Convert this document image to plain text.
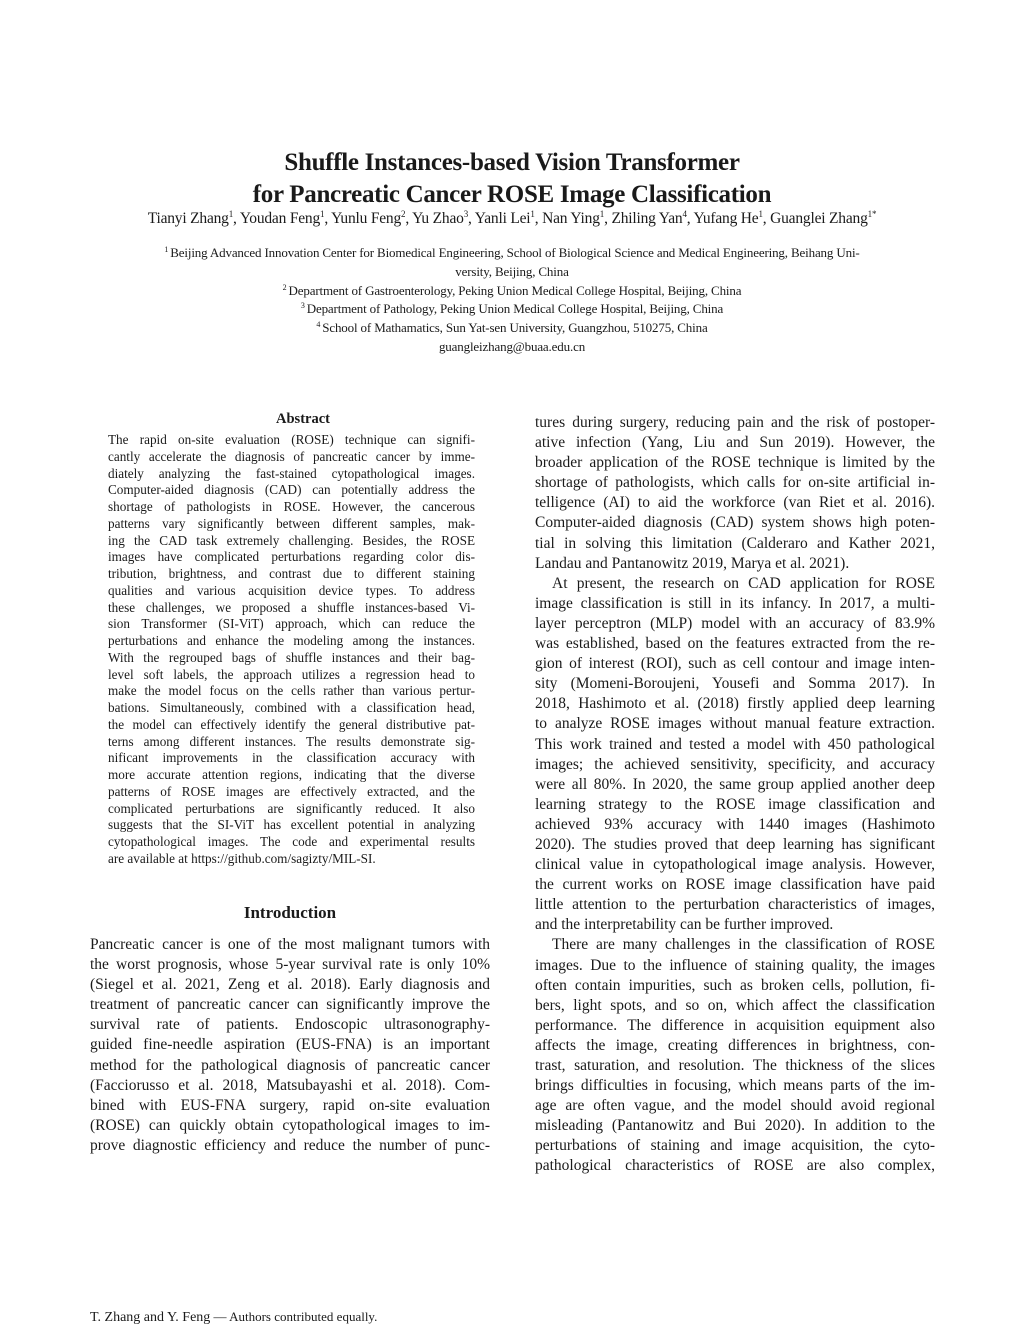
Shuffle Instances-based Vision Transformer
for Pancreatic Cancer ROSE Image Classification
Tianyi Zhang$^1$, Youdan Feng$^1$, Yunlu Feng$^2$, Yu Zhao$^3$, Yanli Lei$^1$, Nan Ying$^1$, Zhiling Yan$^4$, Yufang He$^1$, Guanglei Zhang$^{1*}$
$^1$ Beijing Advanced Innovation Center for Biomedical Engineering, School of Biological Science and Medical Engineering, Beihang Uni-
versity, Beijing, China
$^2$ Department of Gastroenterology, Peking Union Medical College Hospital, Beijing, China
$^3$ Department of Pathology, Peking Union Medical College Hospital, Beijing, China
$^4$ School of Mathamatics, Sun Yat-sen University, Guangzhou, 510275, China
guangleizhang@buaa.edu.cn
Abstract
The rapid on-site evaluation (ROSE) technique can signifi-
cantly accelerate the diagnosis of pancreatic cancer by imme-
diately analyzing the fast-stained cytopathological images.
Computer-aided diagnosis (CAD) can potentially address the
shortage of pathologists in ROSE. However, the cancerous
patterns vary significantly between different samples, mak-
ing the CAD task extremely challenging. Besides, the ROSE
images have complicated perturbations regarding color dis-
tribution, brightness, and contrast due to different staining
qualities and various acquisition device types. To address
these challenges, we proposed a shuffle instances-based Vi-
sion Transformer (SI-ViT) approach, which can reduce the
perturbations and enhance the modeling among the instances.
With the regrouped bags of shuffle instances and their bag-
level soft labels, the approach utilizes a regression head to
make the model focus on the cells rather than various pertur-
bations. Simultaneously, combined with a classification head,
the model can effectively identify the general distributive pat-
terns among different instances. The results demonstrate sig-
nificant improvements in the classification accuracy with
more accurate attention regions, indicating that the diverse
patterns of ROSE images are effectively extracted, and the
complicated perturbations are significantly reduced. It also
suggests that the SI-ViT has excellent potential in analyzing
cytopathological images. The code and experimental results
are available at https://github.com/sagizty/MIL-SI.
Introduction
Pancreatic cancer is one of the most malignant tumors with
the worst prognosis, whose 5-year survival rate is only 10%
(Siegel et al. 2021, Zeng et al. 2018). Early diagnosis and
treatment of pancreatic cancer can significantly improve the
survival rate of patients. Endoscopic ultrasonography-
guided fine-needle aspiration (EUS-FNA) is an important
method for the pathological diagnosis of pancreatic cancer
(Facciorusso et al. 2018, Matsubayashi et al. 2018). Com-
bined with EUS-FNA surgery, rapid on-site evaluation
(ROSE) can quickly obtain cytopathological images to im-
prove diagnostic efficiency and reduce the number of punc-
tures during surgery, reducing pain and the risk of postoper-
ative infection (Yang, Liu and Sun 2019). However, the
broader application of the ROSE technique is limited by the
shortage of pathologists, which calls for on-site artificial in-
telligence (AI) to aid the workforce (van Riet et al. 2016).
Computer-aided diagnosis (CAD) system shows high poten-
tial in solving this limitation (Calderaro and Kather 2021,
Landau and Pantanowitz 2019, Marya et al. 2021).
At present, the research on CAD application for ROSE
image classification is still in its infancy. In 2017, a multi-
layer perceptron (MLP) model with an accuracy of 83.9%
was established, based on the features extracted from the re-
gion of interest (ROI), such as cell contour and image inten-
sity (Momeni-Boroujeni, Yousefi and Somma 2017). In
2018, Hashimoto et al. (2018) firstly applied deep learning
to analyze ROSE images without manual feature extraction.
This work trained and tested a model with 450 pathological
images; the achieved sensitivity, specificity, and accuracy
were all 80%. In 2020, the same group applied another deep
learning strategy to the ROSE image classification and
achieved 93% accuracy with 1440 images (Hashimoto
2020). The studies proved that deep learning has significant
clinical value in cytopathological image analysis. However,
the current works on ROSE image classification have paid
little attention to the perturbation characteristics of images,
and the interpretability can be further improved.
There are many challenges in the classification of ROSE
images. Due to the influence of staining quality, the images
often contain impurities, such as broken cells, pollution, fi-
bers, light spots, and so on, which affect the classification
performance. The difference in acquisition equipment also
affects the image, creating differences in brightness, con-
trast, saturation, and resolution. The thickness of the slices
brings difficulties in focusing, which means parts of the im-
age are often vague, and the model should avoid regional
misleading (Pantanowitz and Bui 2020). In addition to the
perturbations of staining and image acquisition, the cyto-
pathological characteristics of ROSE are also complex,
T. Zhang and Y. Feng — Authors contributed equally.
